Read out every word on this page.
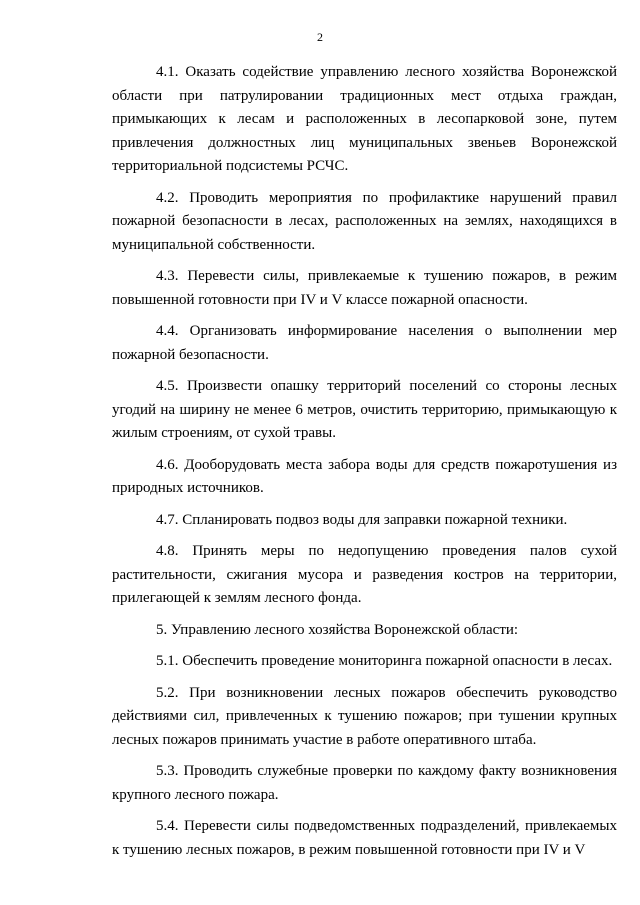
2

4.1. Оказать содействие управлению лесного хозяйства Воронежской области при патрулировании традиционных мест отдыха граждан, примыкающих к лесам и расположенных в лесопарковой зоне, путем привлечения должностных лиц муниципальных звеньев Воронежской территориальной подсистемы РСЧС.

4.2. Проводить мероприятия по профилактике нарушений правил пожарной безопасности в лесах, расположенных на землях, находящихся в муниципальной собственности.

4.3. Перевести силы, привлекаемые к тушению пожаров, в режим повышенной готовности при IV и V классе пожарной опасности.

4.4. Организовать информирование населения о выполнении мер пожарной безопасности.

4.5. Произвести опашку территорий поселений со стороны лесных угодий на ширину не менее 6 метров, очистить территорию, примыкающую к жилым строениям, от сухой травы.

4.6. Дооборудовать места забора воды для средств пожаротушения из природных источников.

4.7. Спланировать подвоз воды для заправки пожарной техники.

4.8. Принять меры по недопущению проведения палов сухой растительности, сжигания мусора и разведения костров на территории, прилегающей к землям лесного фонда.

5. Управлению лесного хозяйства Воронежской области:

5.1. Обеспечить проведение мониторинга пожарной опасности в лесах.

5.2. При возникновении лесных пожаров обеспечить руководство действиями сил, привлеченных к тушению пожаров; при тушении крупных лесных пожаров принимать участие в работе оперативного штаба.

5.3. Проводить служебные проверки по каждому факту возникновения крупного лесного пожара.

5.4. Перевести силы подведомственных подразделений, привлекаемых к тушению лесных пожаров, в режим повышенной готовности при IV и V
